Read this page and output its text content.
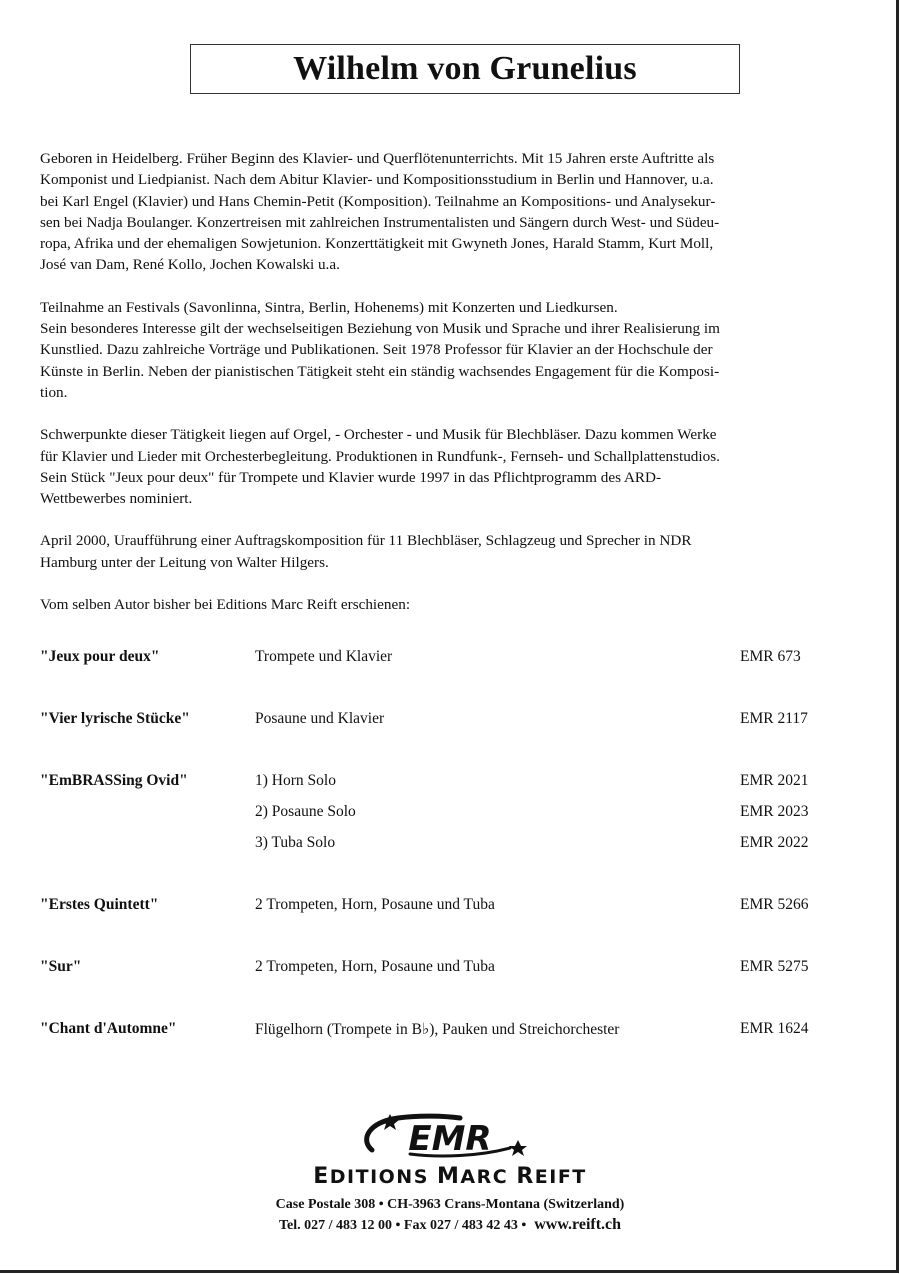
Wilhelm von Grunelius

Geboren in Heidelberg. Früher Beginn des Klavier- und Querflötenunterrichts. Mit 15 Jahren erste Auftritte als
Komponist und Liedpianist. Nach dem Abitur Klavier- und Kompositionsstudium in Berlin und Hannover, u.a.
bei Karl Engel (Klavier) und Hans Chemin-Petit (Komposition). Teilnahme an Kompositions- und Analysekur-
sen bei Nadja Boulanger. Konzertreisen mit zahlreichen Instrumentalisten und Sängern durch West- und Südeu-
ropa, Afrika und der ehemaligen Sowjetunion. Konzerttätigkeit mit Gwyneth Jones, Harald Stamm, Kurt Moll,
José van Dam, René Kollo, Jochen Kowalski u.a.

Teilnahme an Festivals (Savonlinna, Sintra, Berlin, Hohenems) mit Konzerten und Liedkursen.

Sein besonderes Interesse gilt der wechselseitigen Beziehung von Musik und Sprache und ihrer Realisierung im
Kunstlied. Dazu zahlreiche Vorträge und Publikationen. Seit 1978 Professor für Klavier an der Hochschule der
Künste in Berlin. Neben der pianistischen Tätigkeit steht ein ständig wachsendes Engagement für die Komposi-
tion.

Schwerpunkte dieser Tätigkeit liegen auf Orgel, - Orchester - und Musik für Blechbläser. Dazu kommen Werke
für Klavier und Lieder mit Orchesterbegleitung. Produktionen in Rundfunk-, Fernseh- und Schallplattenstudios.
Sein Stück "Jeux pour deux" für Trompete und Klavier wurde 1997 in das Pflichtprogramm des ARD-
Wettbewerbes nominiert.

April 2000, Uraufführung einer Auftragskomposition für 11 Blechbläser, Schlagzeug und Sprecher in NDR
Hamburg unter der Leitung von Walter Hilgers.

Vom selben Autor bisher bei Editions Marc Reift erschienen:

"Jeux pour deux"	Trompete und Klavier	EMR 673
"Vier lyrische Stücke"	Posaune und Klavier	EMR 2117
"EmBRASSing Ovid"	1) Horn Solo	EMR 2021
2) Posaune Solo	EMR 2023
3) Tuba Solo	EMR 2022
"Erstes Quintett"	2 Trompeten, Horn, Posaune und Tuba	EMR 5266
"Sur"	2 Trompeten, Horn, Posaune und Tuba	EMR 5275
"Chant d'Automne"	Flügelhorn (Trompete in B♭), Pauken und Streichorchester	EMR 1624
EMR
EDITIONS MARC REIFT
Case Postale 308 • CH-3963 Crans-Montana (Switzerland)
Tel. 027 / 483 12 00 • Fax 027 / 483 42 43 • www.reift.ch
